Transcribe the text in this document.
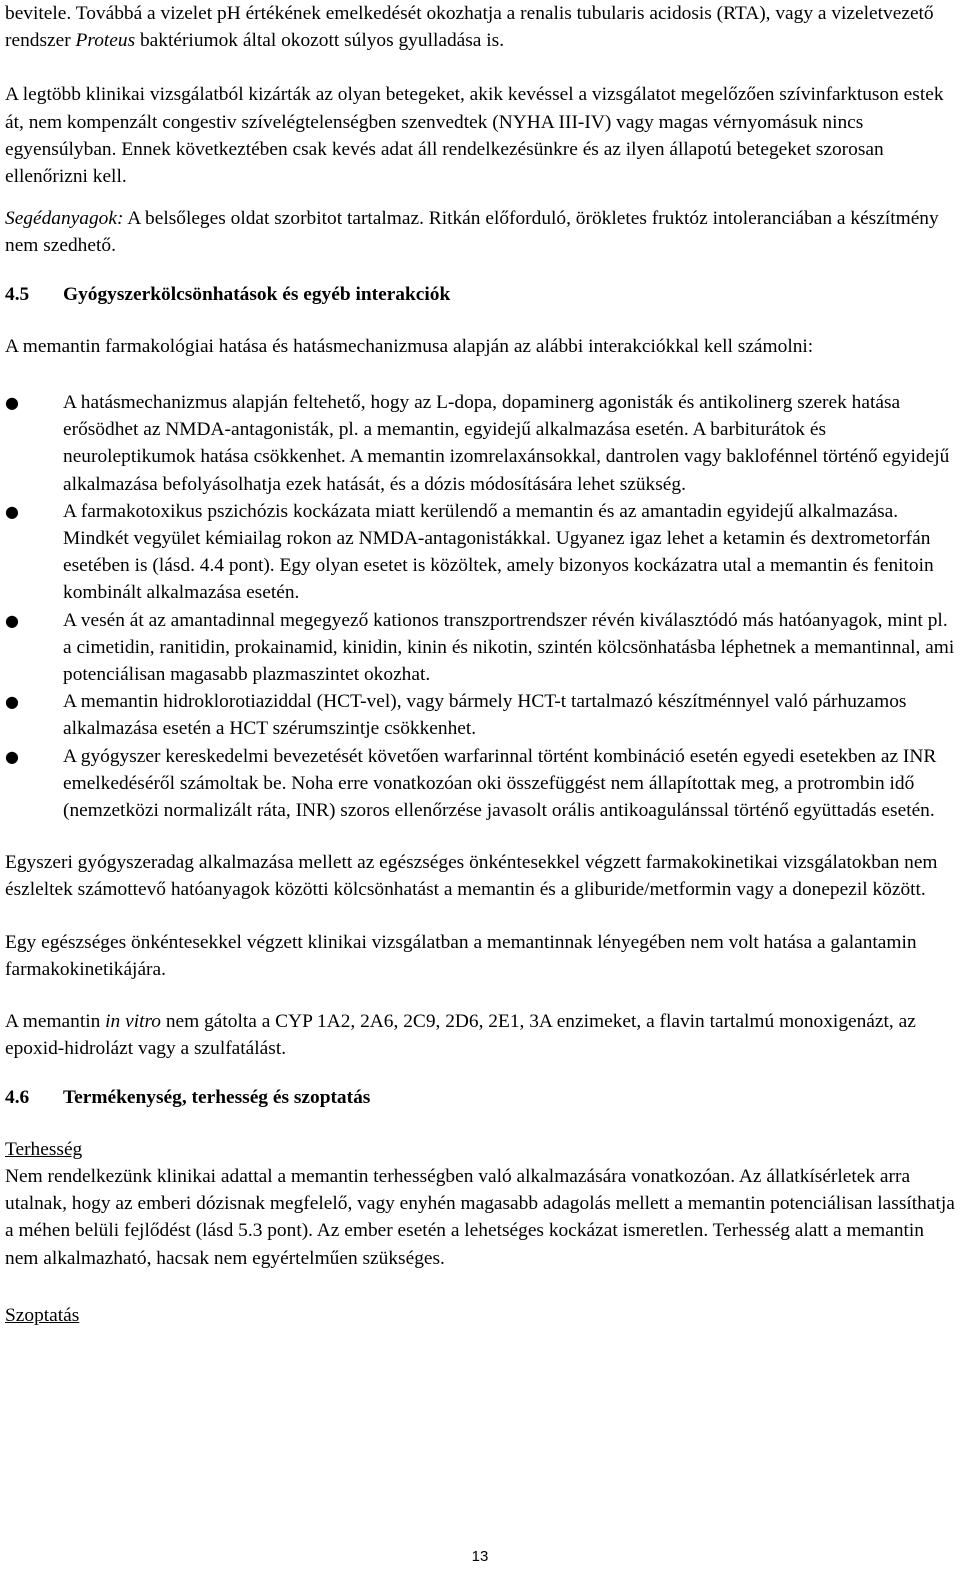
bevitele. Továbbá a vizelet pH értékének emelkedését okozhatja a renalis tubularis acidosis (RTA), vagy a vizeletvezető rendszer Proteus baktériumok által okozott súlyos gyulladása is.

A legtöbb klinikai vizsgálatból kizárták az olyan betegeket, akik kevéssel a vizsgálatot megelőzően szívinfarktuson estek át, nem kompenzált congestiv szívelégtelenségben szenvedtek (NYHA III-IV) vagy magas vérnyomásuk nincs egyensúlyban. Ennek következtében csak kevés adat áll rendelkezésünkre és az ilyen állapotú betegeket szorosan ellenőrizni kell.

Segédanyagok: A belsőleges oldat szorbitot tartalmaz. Ritkán előforduló, örökletes fruktóz intoleranciában a készítmény nem szedhető.

4.5 Gyógyszerkölcsönhatások és egyéb interakciók

A memantin farmakológiai hatása és hatásmechanizmusa alapján az alábbi interakciókkal kell számolni:

●	A hatásmechanizmus alapján feltehető, hogy az L-dopa, dopaminerg agonisták és antikolinerg szerek hatása erősödhet az NMDA-antagonisták, pl. a memantin, egyidejű alkalmazása esetén. A barbiturátok és neuroleptikumok hatása csökkenhet. A memantin izomrelaxánsokkal, dantrolen vagy baklofénnel történő egyidejű alkalmazása befolyásolhatja ezek hatását, és a dózis módosítására lehet szükség.
●	A farmakotoxikus pszichózis kockázata miatt kerülendő a memantin és az amantadin egyidejű alkalmazása. Mindkét vegyület kémiailag rokon az NMDA-antagonistákkal. Ugyanez igaz lehet a ketamin és dextrometorfán esetében is (lásd. 4.4 pont). Egy olyan esetet is közöltek, amely bizonyos kockázatra utal a memantin és fenitoin kombinált alkalmazása esetén.
●	A vesén át az amantadinnal megegyező kationos transzportrendszer révén kiválasztódó más hatóanyagok, mint pl. a cimetidin, ranitidin, prokainamid, kinidin, kinin és nikotin, szintén kölcsönhatásba léphetnek a memantinnal, ami potenciálisan magasabb plazmaszintet okozhat.
●	A memantin hidroklorotiaziddal (HCT-vel), vagy bármely HCT-t tartalmazó készítménnyel való párhuzamos alkalmazása esetén a HCT szérumszintje csökkenhet.
●	A gyógyszer kereskedelmi bevezetését követően warfarinnal történt kombináció esetén egyedi esetekben az INR emelkedéséről számoltak be. Noha erre vonatkozóan oki összefüggést nem állapítottak meg, a protrombin idő (nemzetközi normalizált ráta, INR) szoros ellenőrzése javasolt orális antikoagulánssal történő együttadás esetén.

Egyszeri gyógyszeradag alkalmazása mellett az egészséges önkéntesekkel végzett farmakokinetikai vizsgálatokban nem észleltek számottevő hatóanyagok közötti kölcsönhatást a memantin és a gliburide/metformin vagy a donepezil között.

Egy egészséges önkéntesekkel végzett klinikai vizsgálatban a memantinnak lényegében nem volt hatása a galantamin farmakokinetikájára.

A memantin in vitro nem gátolta a CYP 1A2, 2A6, 2C9, 2D6, 2E1, 3A enzimeket, a flavin tartalmú monoxigenázt, az epoxid-hidrolázt vagy a szulfatálást.

4.6 Termékenység, terhesség és szoptatás

Terhesség

Nem rendelkezünk klinikai adattal a memantin terhességben való alkalmazására vonatkozóan. Az állatkísérletek arra utalnak, hogy az emberi dózisnak megfelelő, vagy enyhén magasabb adagolás mellett a memantin potenciálisan lassíthatja a méhen belüli fejlődést (lásd 5.3 pont). Az ember esetén a lehetséges kockázat ismeretlen. Terhesség alatt a memantin nem alkalmazható, hacsak nem egyértelműen szükséges.

Szoptatás

13
